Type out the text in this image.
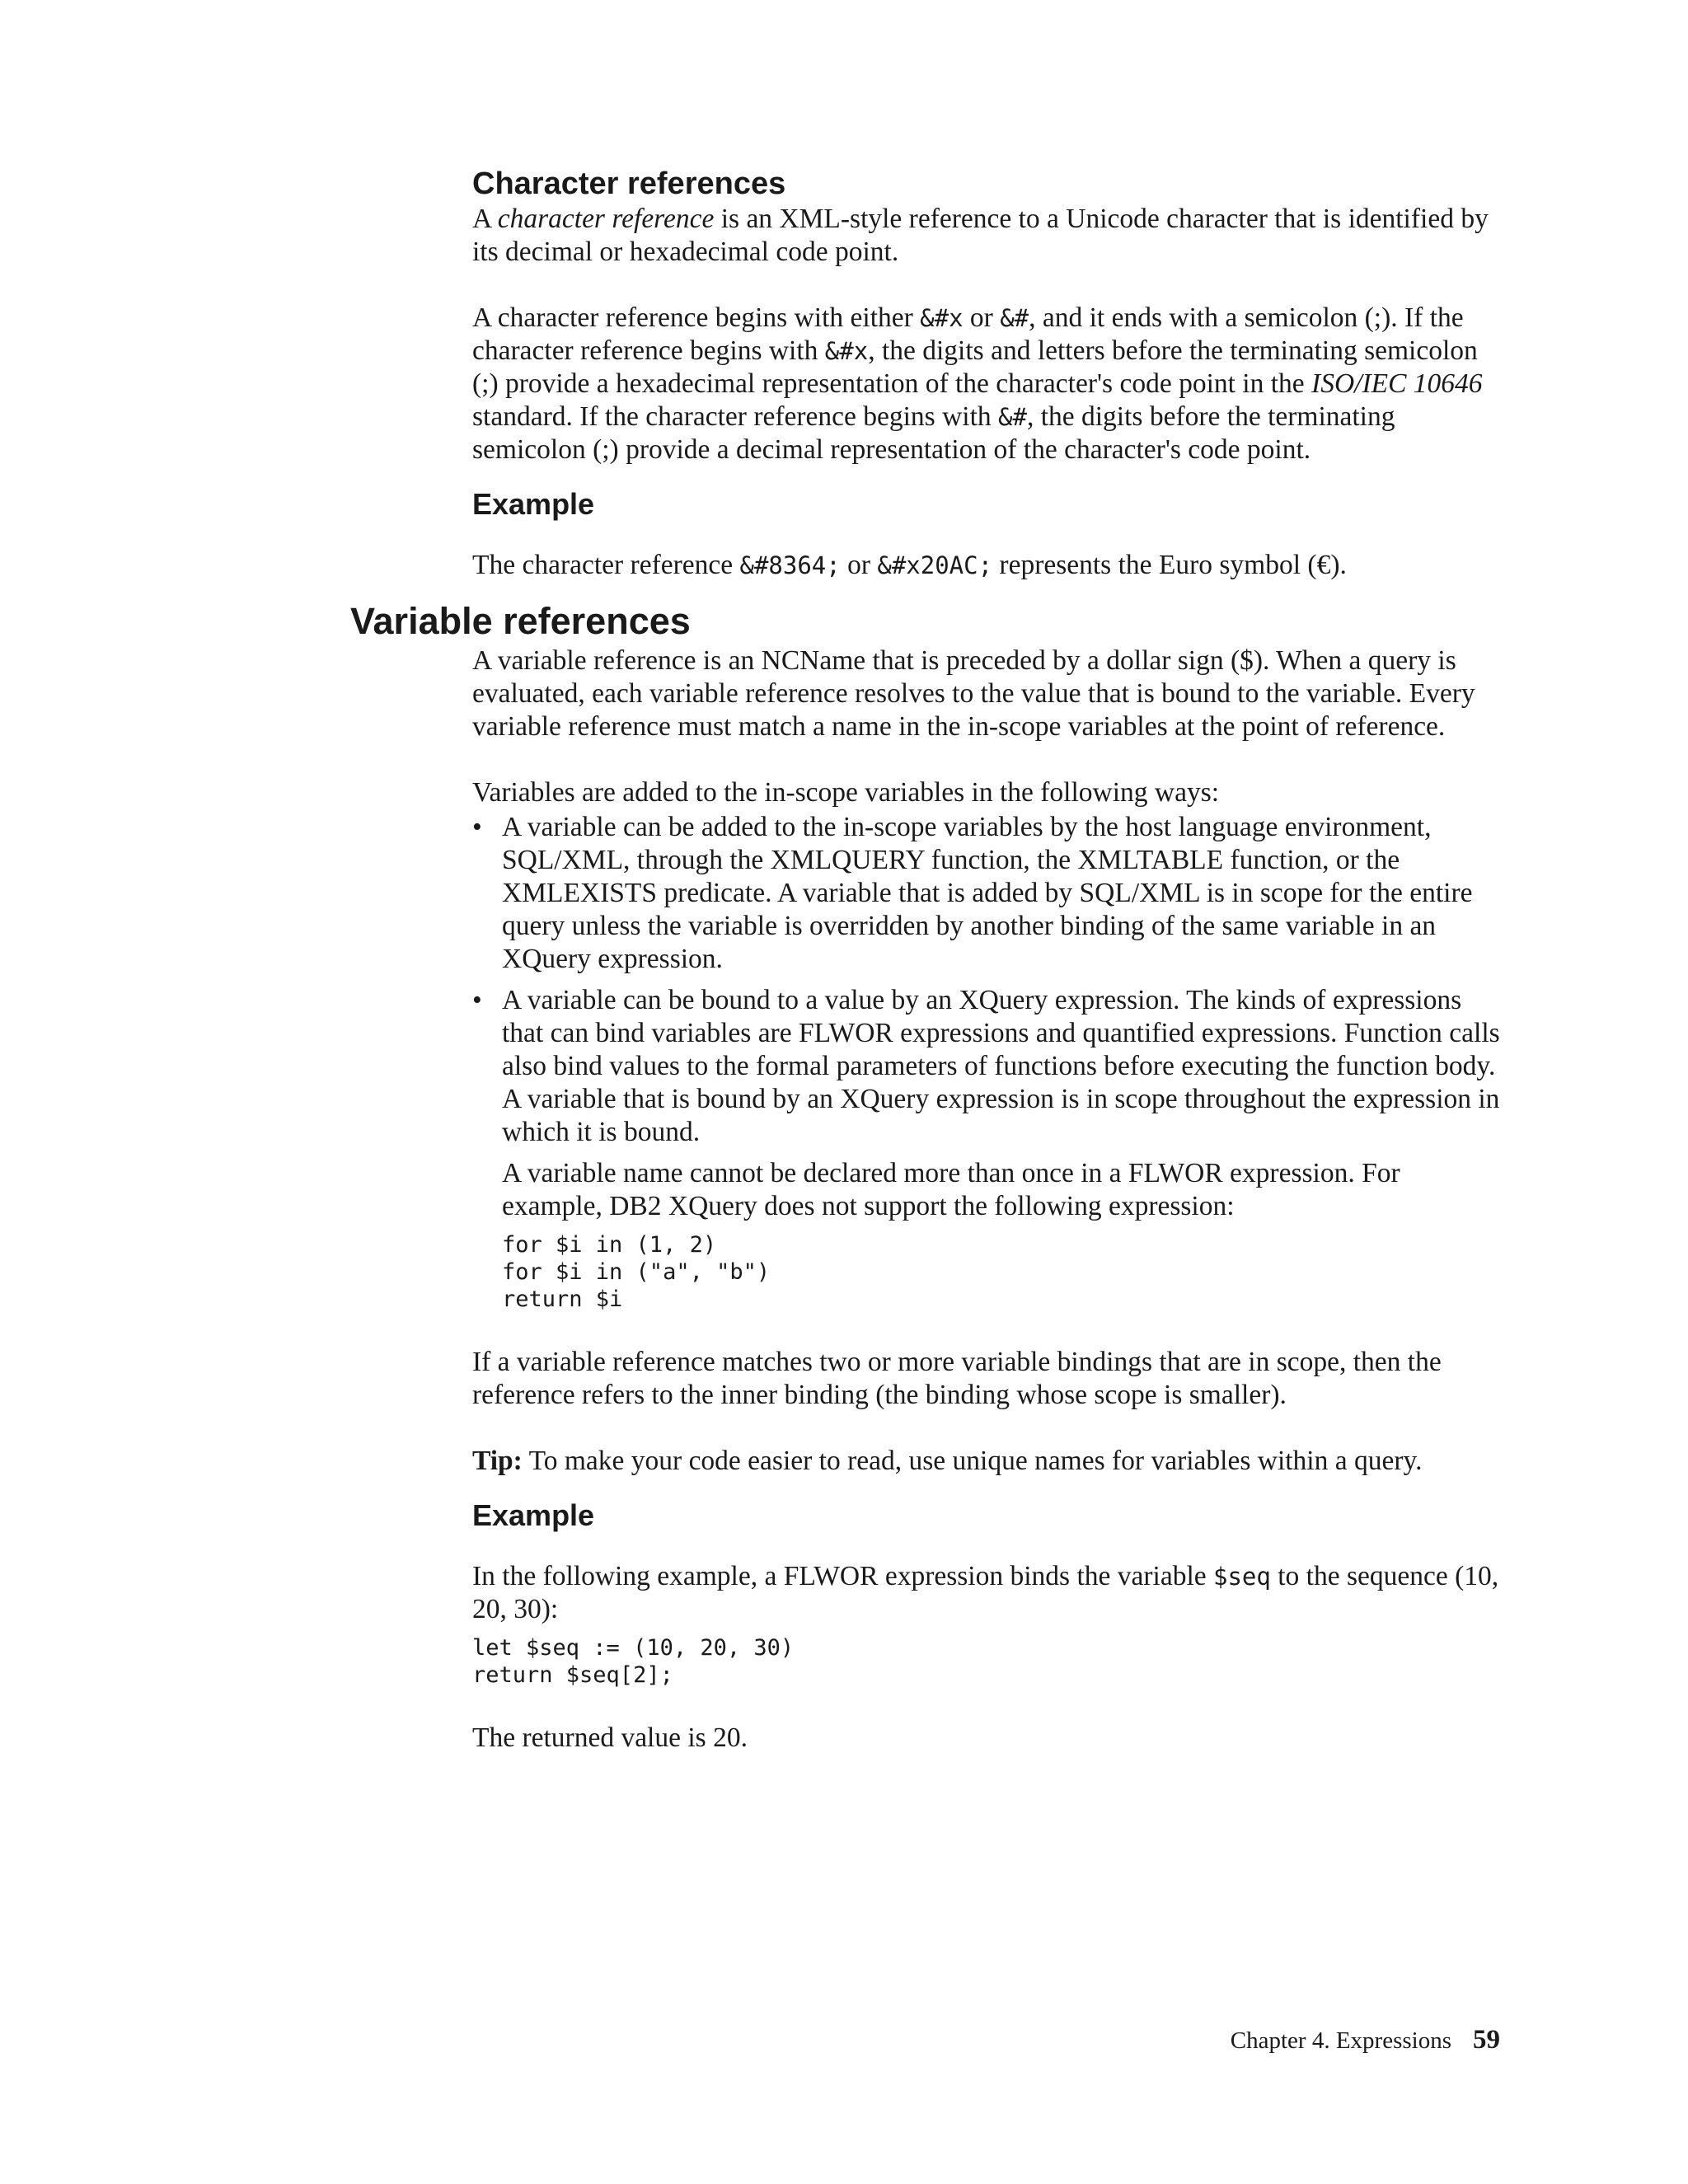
Character references

A character reference is an XML-style reference to a Unicode character that is identified by its decimal or hexadecimal code point.

A character reference begins with either &#x or &#, and it ends with a semicolon (;). If the character reference begins with &#x, the digits and letters before the terminating semicolon (;) provide a hexadecimal representation of the character's code point in the ISO/IEC 10646 standard. If the character reference begins with &#, the digits before the terminating semicolon (;) provide a decimal representation of the character's code point.

Example

The character reference &#8364; or &#x20AC; represents the Euro symbol (€).

Variable references

A variable reference is an NCName that is preceded by a dollar sign ($). When a query is evaluated, each variable reference resolves to the value that is bound to the variable. Every variable reference must match a name in the in-scope variables at the point of reference.

Variables are added to the in-scope variables in the following ways:

• A variable can be added to the in-scope variables by the host language environment, SQL/XML, through the XMLQUERY function, the XMLTABLE function, or the XMLEXISTS predicate. A variable that is added by SQL/XML is in scope for the entire query unless the variable is overridden by another binding of the same variable in an XQuery expression.
• A variable can be bound to a value by an XQuery expression. The kinds of expressions that can bind variables are FLWOR expressions and quantified expressions. Function calls also bind values to the formal parameters of functions before executing the function body. A variable that is bound by an XQuery expression is in scope throughout the expression in which it is bound.

A variable name cannot be declared more than once in a FLWOR expression. For example, DB2 XQuery does not support the following expression:

for $i in (1, 2)
for $i in ("a", "b")
return $i

If a variable reference matches two or more variable bindings that are in scope, then the reference refers to the inner binding (the binding whose scope is smaller).

Tip: To make your code easier to read, use unique names for variables within a query.

Example

In the following example, a FLWOR expression binds the variable $seq to the sequence (10, 20, 30):

let $seq := (10, 20, 30)
return $seq[2];

The returned value is 20.

Chapter 4. Expressions 59
